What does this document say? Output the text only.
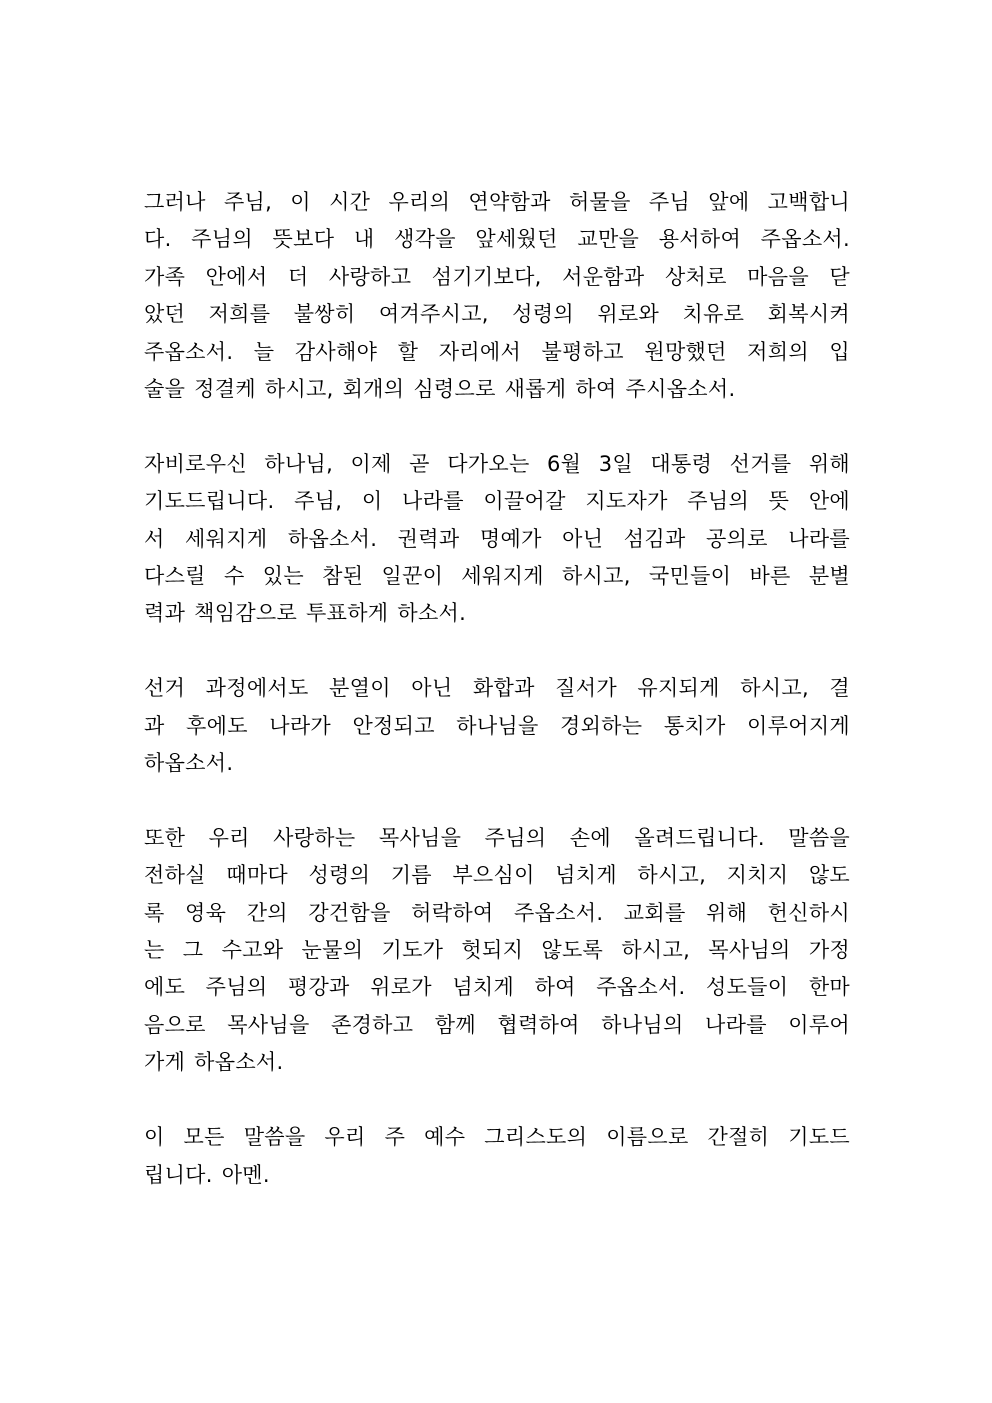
그러나 주님, 이 시간 우리의 연약함과 허물을 주님 앞에 고백합니
다. 주님의 뜻보다 내 생각을 앞세웠던 교만을 용서하여 주옵소서.
가족 안에서 더 사랑하고 섬기기보다, 서운함과 상처로 마음을 닫
았던 저희를 불쌍히 여겨주시고, 성령의 위로와 치유로 회복시켜
주옵소서. 늘 감사해야 할 자리에서 불평하고 원망했던 저희의 입
술을 정결케 하시고, 회개의 심령으로 새롭게 하여 주시옵소서.

자비로우신 하나님, 이제 곧 다가오는 6월 3일 대통령 선거를 위해
기도드립니다. 주님, 이 나라를 이끌어갈 지도자가 주님의 뜻 안에
서 세워지게 하옵소서. 권력과 명예가 아닌 섬김과 공의로 나라를
다스릴 수 있는 참된 일꾼이 세워지게 하시고, 국민들이 바른 분별
력과 책임감으로 투표하게 하소서.

선거 과정에서도 분열이 아닌 화합과 질서가 유지되게 하시고, 결
과 후에도 나라가 안정되고 하나님을 경외하는 통치가 이루어지게
하옵소서.

또한 우리 사랑하는 목사님을 주님의 손에 올려드립니다. 말씀을
전하실 때마다 성령의 기름 부으심이 넘치게 하시고, 지치지 않도
록 영육 간의 강건함을 허락하여 주옵소서. 교회를 위해 헌신하시
는 그 수고와 눈물의 기도가 헛되지 않도록 하시고, 목사님의 가정
에도 주님의 평강과 위로가 넘치게 하여 주옵소서. 성도들이 한마
음으로 목사님을 존경하고 함께 협력하여 하나님의 나라를 이루어
가게 하옵소서.

이 모든 말씀을 우리 주 예수 그리스도의 이름으로 간절히 기도드
립니다. 아멘.
